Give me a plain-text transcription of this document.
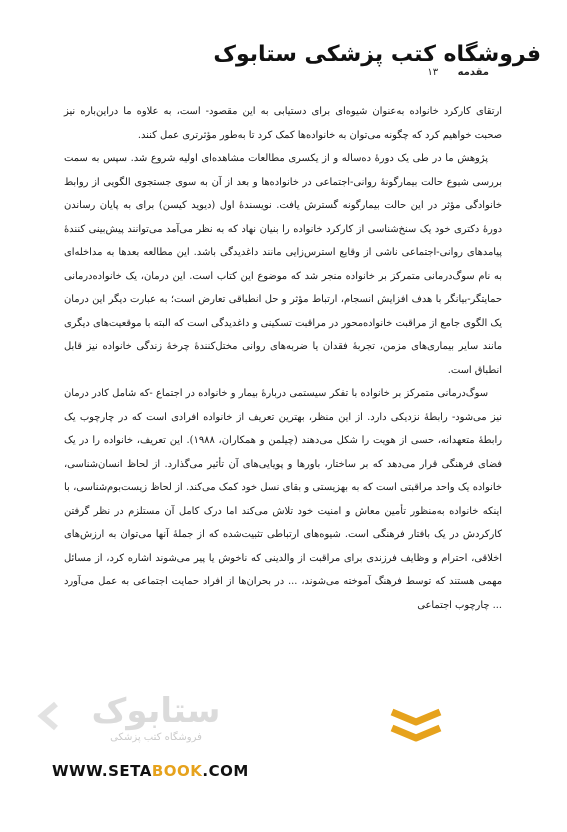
فروشگاه کتب پزشکی ستابوک
مقدمه ۱۳

ارتقای کارکرد خانواده به‌عنوان شیوه‌ای برای دستیابی به این مقصود- است، به علاوه ما دراین‌باره نیز صحبت خواهیم کرد که چگونه می‌توان به خانواده‌ها کمک کرد تا به‌طور مؤثرتری عمل کنند.

پژوهش ما در طی یک دورهٔ ده‌ساله و از یکسری مطالعات مشاهده‌ای اولیه شروع شد. سپس به سمت بررسی شیوع حالت بیمارگونهٔ روانی-اجتماعی در خانواده‌ها و بعد از آن به سوی جستجوی الگویی از روابط خانوادگی مؤثر در این حالت بیمارگونه گسترش یافت. نویسندهٔ اول (دیوید کیسن) برای به پایان رساندن دورهٔ دکتری خود یک سنخ‌شناسی از کارکرد خانواده را بنیان نهاد که به نظر می‌آمد می‌توانند پیش‌بینی کنندهٔ پیامدهای روانی-اجتماعی ناشی از وقایع استرس‌زایی مانند داغدیدگی باشد. این مطالعه بعدها به مداخله‌ای به نام سوگ‌درمانی متمرکز بر خانواده منجر شد که موضوع این کتاب است. این درمان، یک خانواده‌درمانی حمایتگر-بیانگر با هدف افزایش انسجام، ارتباط مؤثر و حل انطباقی تعارض است؛ به عبارت دیگر این درمان یک الگوی جامع از مراقبت خانواده‌محور در مراقبت تسکینی و داغدیدگی است که البته با موقعیت‌های دیگری مانند سایر بیماری‌های مزمن، تجربهٔ فقدان یا ضربه‌های روانی مختل‌کنندهٔ چرخهٔ زندگی خانواده نیز قابل انطباق است.

سوگ‌درمانی متمرکز بر خانواده با تفکر سیستمی دربارهٔ بیمار و خانواده در اجتماع -که شامل کادر درمان نیز می‌شود- رابطهٔ نزدیکی دارد. از این منظر، بهترین تعریف از خانواده افرادی است که در چارچوب یک رابطهٔ متعهدانه، حسی از هویت را شکل می‌دهند (چیلمن و همکاران، ۱۹۸۸). این تعریف، خانواده را در یک فضای فرهنگی قرار می‌دهد که بر ساختار، باورها و پویایی‌های آن تأثیر می‌گذارد. از لحاظ انسان‌شناسی، خانواده یک واحد مراقبتی است که به بهزیستی و بقای نسل خود کمک می‌کند. از لحاظ زیست‌بوم‌شناسی، با اینکه خانواده به‌منظور تأمین معاش و امنیت خود تلاش می‌کند اما درک کامل آن مستلزم در نظر گرفتن کارکردش در یک بافتار فرهنگی است. شیوه‌های ارتباطی تثبیت‌شده که از جملهٔ آنها می‌توان به ارزش‌های اخلاقی، احترام و وظایف فرزندی برای مراقبت از والدینی که ناخوش یا پیر می‌شوند اشاره کرد، از مسائل مهمی هستند که توسط فرهنگ آموخته می‌شوند، ... در بحران‌ها از افراد حمایت اجتماعی به عمل می‌آورد ... چارچوب اجتماعی

ستابوک
فروشگاه کتب پزشکی
WWW.SETABOOK.COM
